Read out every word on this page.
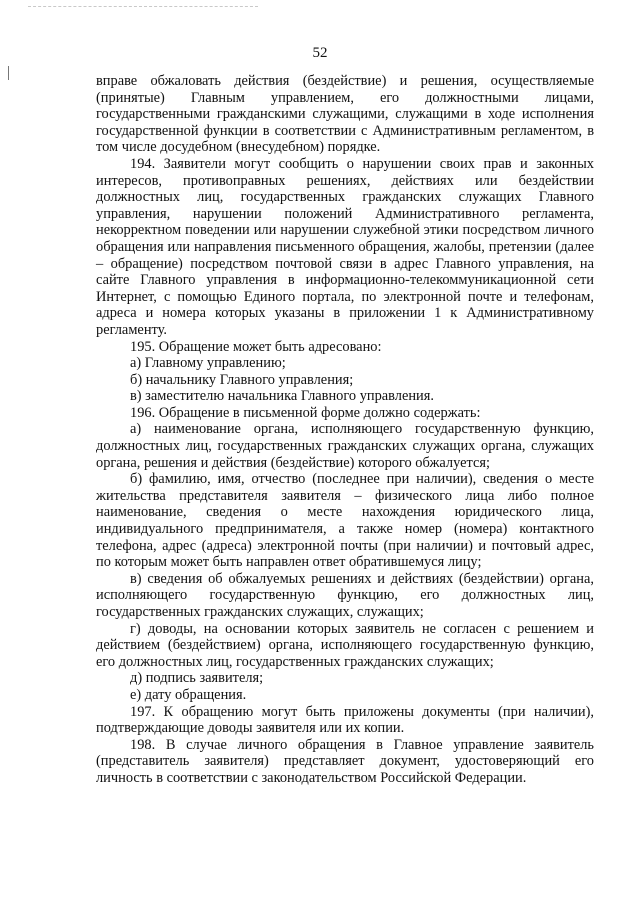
52

вправе обжаловать действия (бездействие) и решения, осуществляемые (принятые) Главным управлением, его должностными лицами, государственными гражданскими служащими, служащими в ходе исполнения государственной функции в соответствии с Административным регламентом, в том числе досудебном (внесудебном) порядке.

194. Заявители могут сообщить о нарушении своих прав и законных интересов, противоправных решениях, действиях или бездействии должностных лиц, государственных гражданских служащих Главного управления, нарушении положений Административного регламента, некорректном поведении или нарушении служебной этики посредством личного обращения или направления письменного обращения, жалобы, претензии (далее – обращение) посредством почтовой связи в адрес Главного управления, на сайте Главного управления в информационно-телекоммуникационной сети Интернет, с помощью Единого портала, по электронной почте и телефонам, адреса и номера которых указаны в приложении 1 к Административному регламенту.

195. Обращение может быть адресовано:

а) Главному управлению;

б) начальнику Главного управления;

в) заместителю начальника Главного управления.

196. Обращение в письменной форме должно содержать:

а) наименование органа, исполняющего государственную функцию, должностных лиц, государственных гражданских служащих органа, служащих органа, решения и действия (бездействие) которого обжалуется;

б) фамилию, имя, отчество (последнее при наличии), сведения о месте жительства представителя заявителя – физического лица либо полное наименование, сведения о месте нахождения юридического лица, индивидуального предпринимателя, а также номер (номера) контактного телефона, адрес (адреса) электронной почты (при наличии) и почтовый адрес, по которым может быть направлен ответ обратившемуся лицу;

в) сведения об обжалуемых решениях и действиях (бездействии) органа, исполняющего государственную функцию, его должностных лиц, государственных гражданских служащих, служащих;

г) доводы, на основании которых заявитель не согласен с решением и действием (бездействием) органа, исполняющего государственную функцию, его должностных лиц, государственных гражданских служащих;

д) подпись заявителя;

е) дату обращения.

197. К обращению могут быть приложены документы (при наличии), подтверждающие доводы заявителя или их копии.

198. В случае личного обращения в Главное управление заявитель (представитель заявителя) представляет документ, удостоверяющий его личность в соответствии с законодательством Российской Федерации.
